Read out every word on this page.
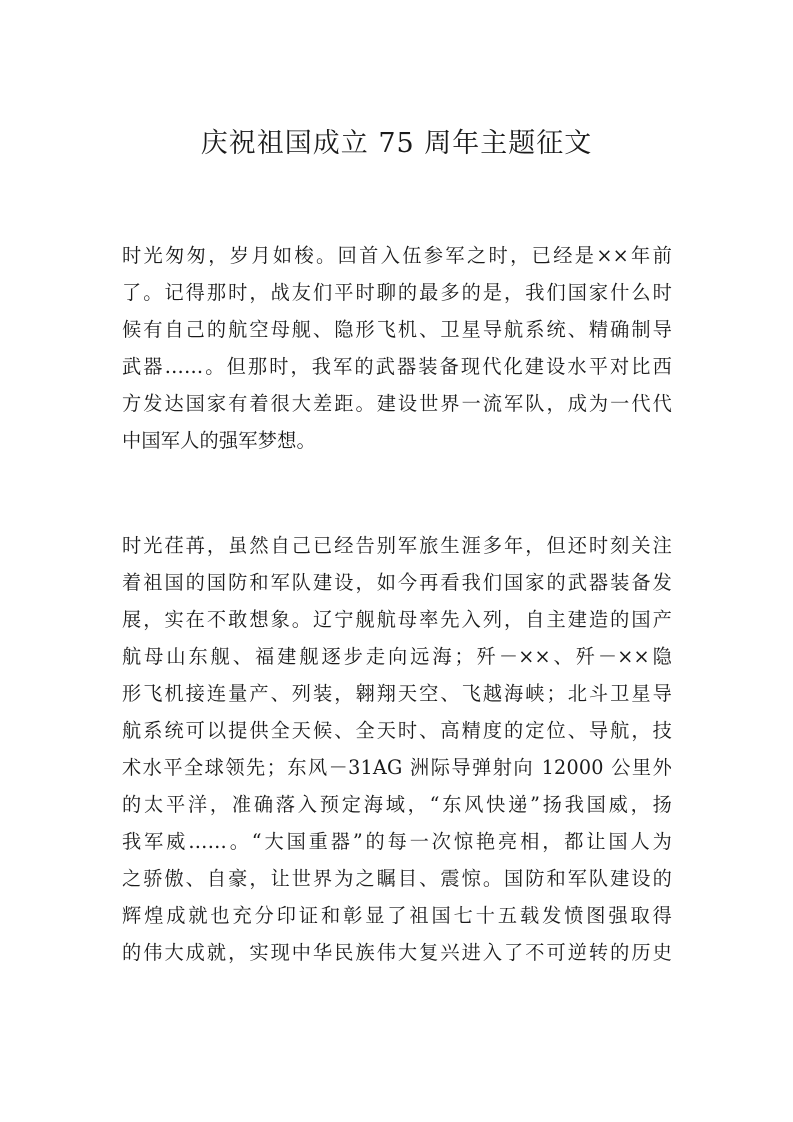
庆祝祖国成立 75 周年主题征文
时光匆匆，岁月如梭。回首入伍参军之时，已经是××年前
了。记得那时，战友们平时聊的最多的是，我们国家什么时
候有自己的航空母舰、隐形飞机、卫星导航系统、精确制导
武器……。但那时，我军的武器装备现代化建设水平对比西
方发达国家有着很大差距。建设世界一流军队，成为一代代
中国军人的强军梦想。
时光荏苒，虽然自己已经告别军旅生涯多年，但还时刻关注
着祖国的国防和军队建设，如今再看我们国家的武器装备发
展，实在不敢想象。辽宁舰航母率先入列，自主建造的国产
航母山东舰、福建舰逐步走向远海；歼－××、歼－××隐
形飞机接连量产、列装，翱翔天空、飞越海峡；北斗卫星导
航系统可以提供全天候、全天时、高精度的定位、导航，技
术水平全球领先；东风－31AG 洲际导弹射向 12000 公里外
的太平洋，准确落入预定海域，“东风快递”扬我国威，扬
我军威……。“大国重器”的每一次惊艳亮相，都让国人为
之骄傲、自豪，让世界为之瞩目、震惊。国防和军队建设的
辉煌成就也充分印证和彰显了祖国七十五载发愤图强取得
的伟大成就，实现中华民族伟大复兴进入了不可逆转的历史
